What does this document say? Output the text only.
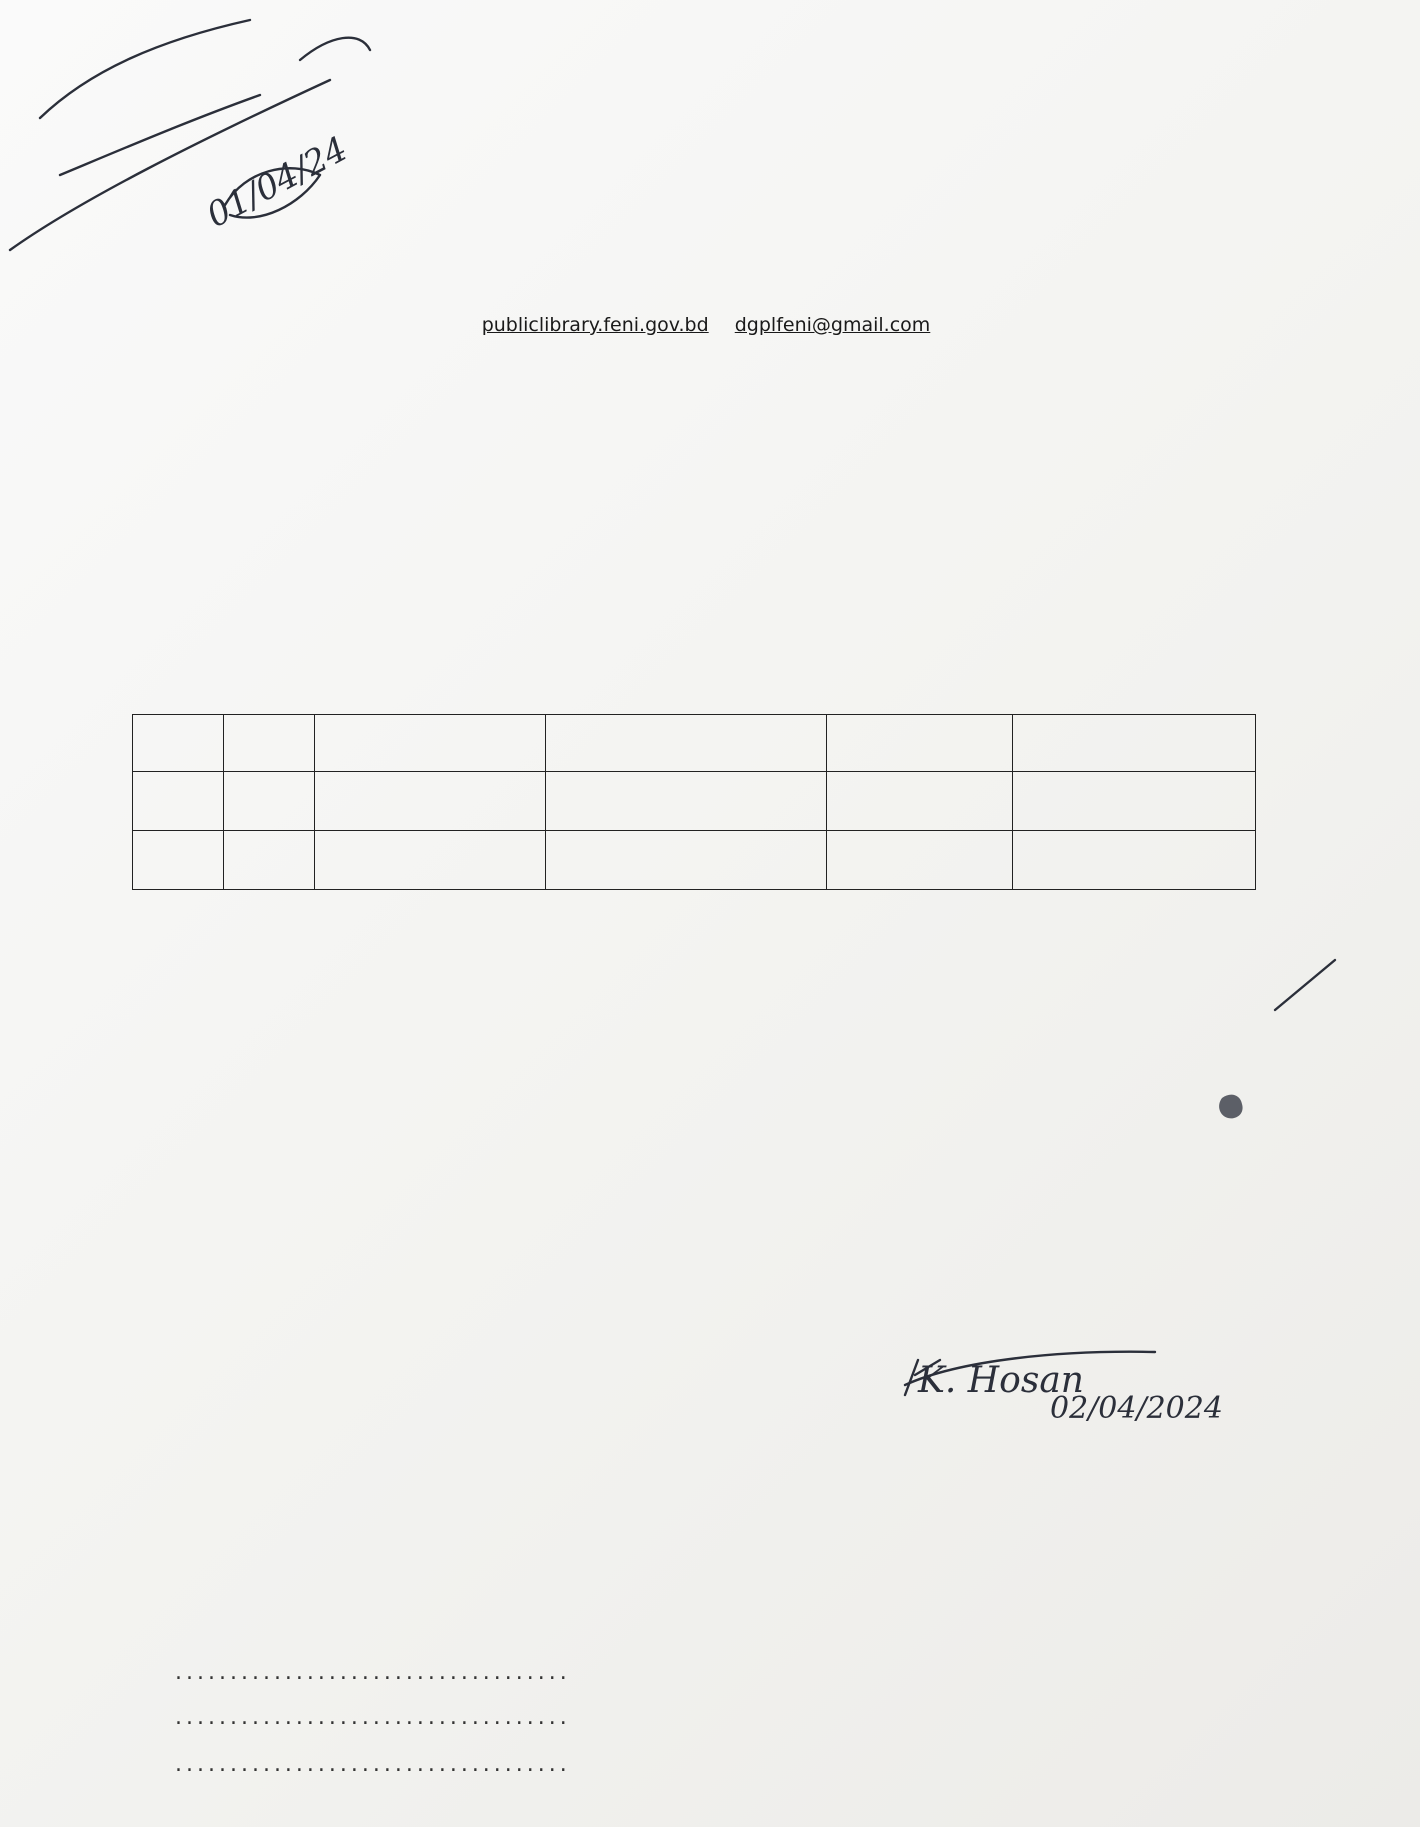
publiclibrary.feni.gov.bd dgplfeni@gmail.com

....................................
....................................
....................................
01/04/24
K. Hosan
02/04/2024
